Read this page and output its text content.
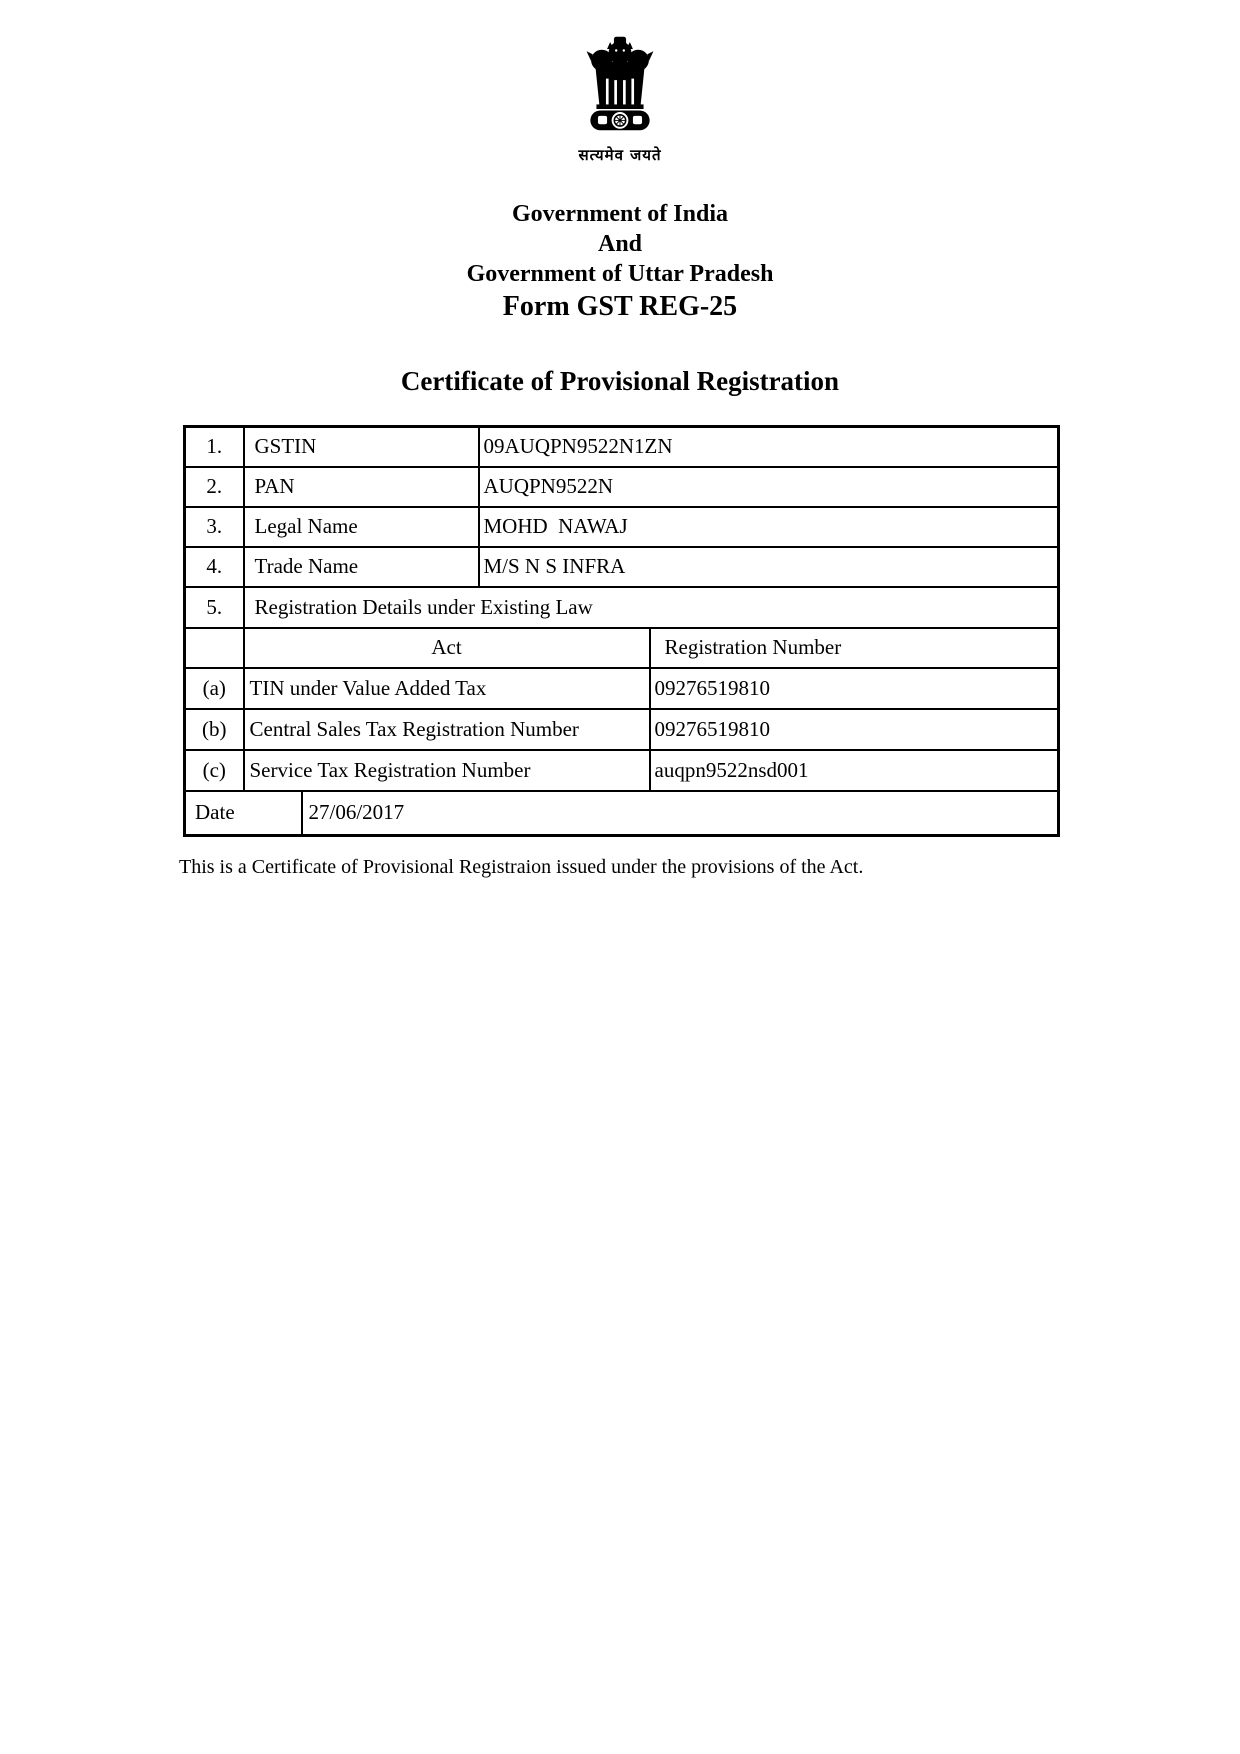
सत्यमेव जयते
Government of India
And
Government of Uttar Pradesh
Form GST REG-25
Certificate of Provisional Registration
1.	GSTIN		09AUQPN9522N1ZN	
2.	PAN		AUQPN9522N	
3.	Legal Name		MOHD  NAWAJ	
4.	Trade Name		M/S N S INFRA	
5.	Registration Details under Existing Law			
	Act			Registration Number
(a)	TIN under Value Added Tax			09276519810
(b)	Central Sales Tax Registration Number			09276519810
(c)	Service Tax Registration Number			auqpn9522nsd001
Date		27/06/2017		
This is a Certificate of Provisional Registraion issued under the provisions of the Act.
